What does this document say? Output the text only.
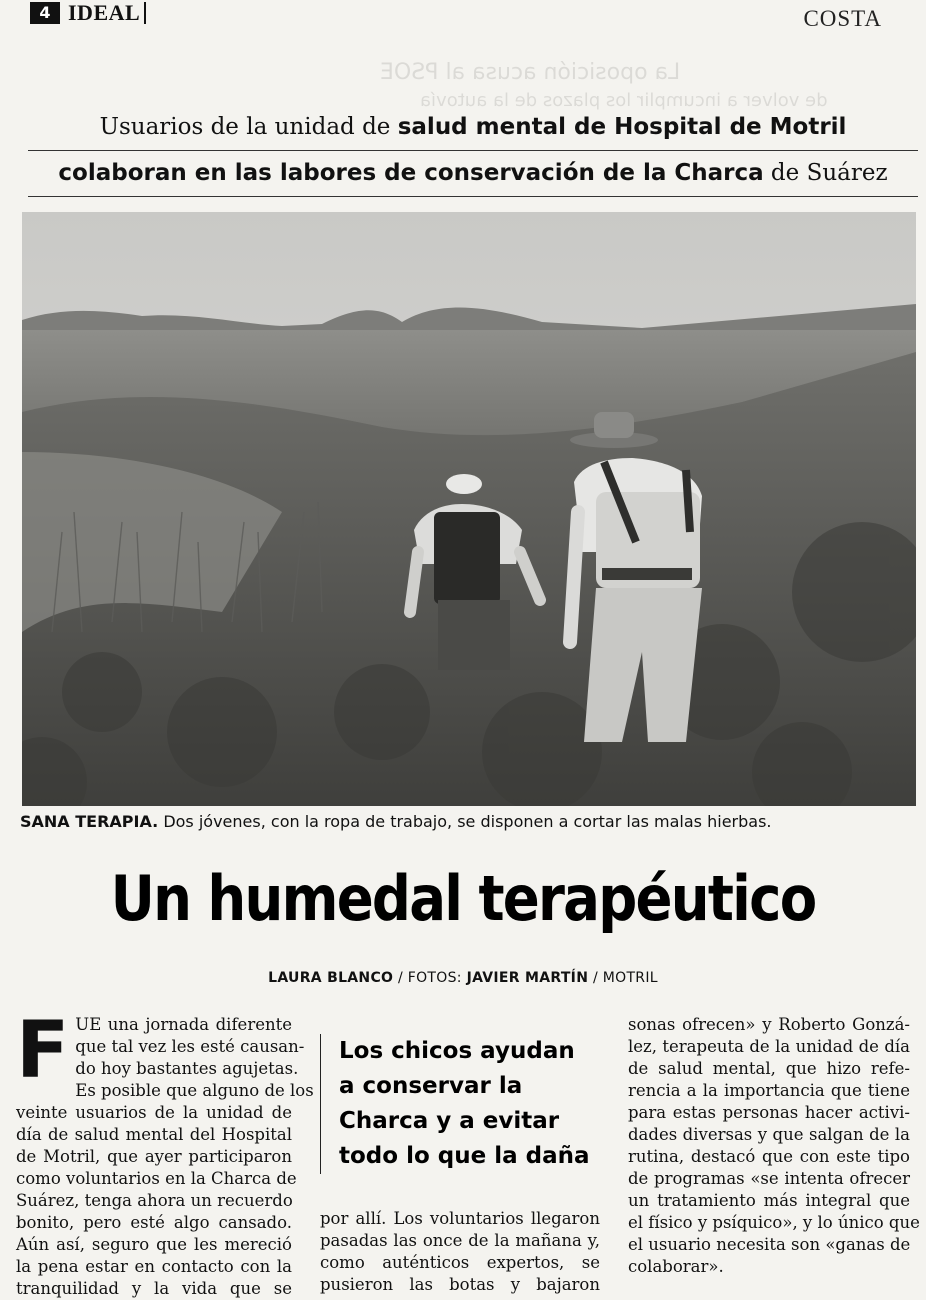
4 IDEAL	COSTA
La oposición acusa al PSOE
de volver a incumplir los plazos de la autovía
Usuarios de la unidad de salud mental de Hospital de Motril
colaboran en las labores de conservación de la Charca de Suárez
SANA TERAPIA. Dos jóvenes, con la ropa de trabajo, se disponen a cortar las malas hierbas.
Un humedal terapéutico
LAURA BLANCO / FOTOS: JAVIER MARTÍN / MOTRIL
F UE una jornada diferente
que tal vez les esté causan-
do hoy bastantes agujetas.
Es posible que alguno de los
veinte usuarios de la unidad de
día de salud mental del Hospital
de Motril, que ayer participaron
como voluntarios en la Charca de
Suárez, tenga ahora un recuerdo
bonito, pero esté algo cansado.
Aún así, seguro que les mereció
la pena estar en contacto con la
tranquilidad y la vida que se
Los chicos ayudan
a conservar la
Charca y a evitar
todo lo que la daña
por allí. Los voluntarios llegaron
pasadas las once de la mañana y,
como auténticos expertos, se
pusieron las botas y bajaron
sonas ofrecen» y Roberto Gonzá-
lez, terapeuta de la unidad de día
de salud mental, que hizo refe-
rencia a la importancia que tiene
para estas personas hacer activi-
dades diversas y que salgan de la
rutina, destacó que con este tipo
de programas «se intenta ofrecer
un tratamiento más integral que
el físico y psíquico», y lo único que
el usuario necesita son «ganas de
colaborar».
